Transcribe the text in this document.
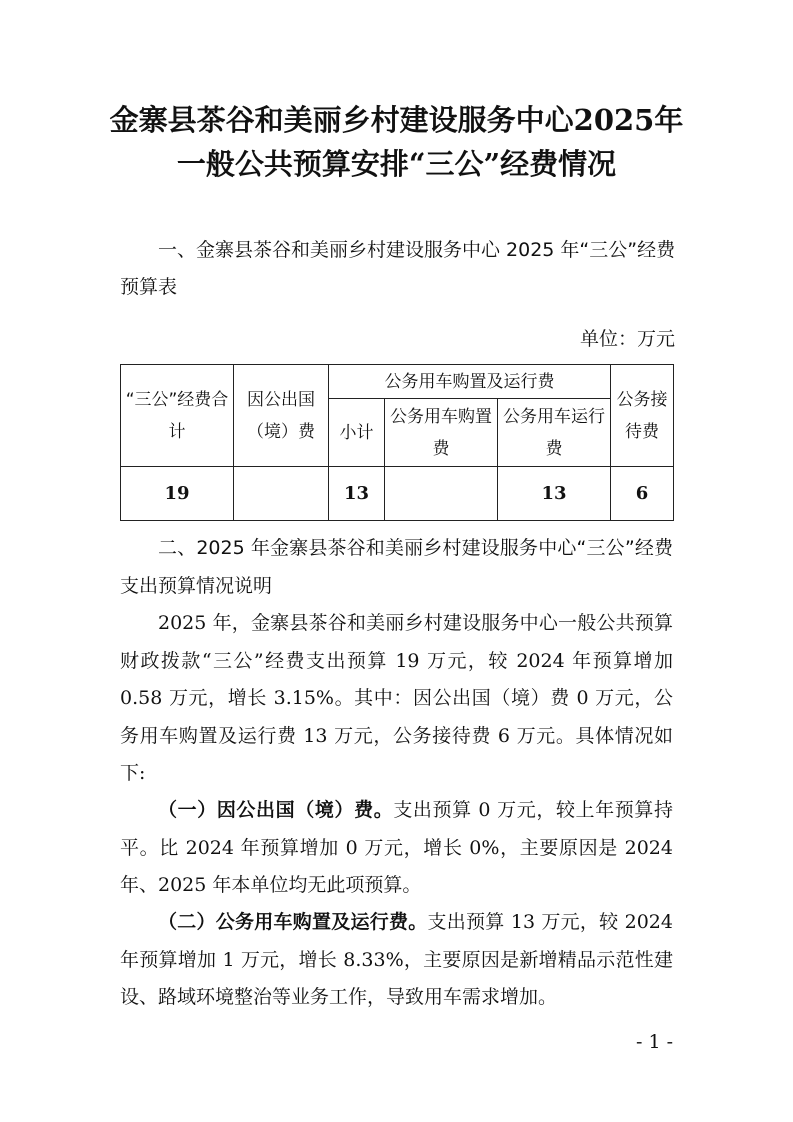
金寨县茶谷和美丽乡村建设服务中心2025年
一般公共预算安排“三公”经费情况
一、金寨县茶谷和美丽乡村建设服务中心 2025 年“三公”经费预算表
单位：万元
“三公”经费合计	因公出国（境）费	公务用车购置及运行费			公务接待费
		小计	公务用车购置费	公务用车运行费	
19		13		13	6
二、2025 年金寨县茶谷和美丽乡村建设服务中心“三公”经费支出预算情况说明
2025 年，金寨县茶谷和美丽乡村建设服务中心一般公共预算财政拨款“三公”经费支出预算 19 万元，较 2024 年预算增加 0.58 万元，增长 3.15%。其中：因公出国（境）费 0 万元，公务用车购置及运行费 13 万元，公务接待费 6 万元。具体情况如下:
（一）因公出国（境）费。支出预算 0 万元，较上年预算持平。比 2024 年预算增加 0 万元，增长 0%，主要原因是 2024 年、2025 年本单位均无此项预算。
（二）公务用车购置及运行费。支出预算 13 万元，较 2024 年预算增加 1 万元，增长 8.33%，主要原因是新增精品示范性建设、路域环境整治等业务工作，导致用车需求增加。
- 1 -
